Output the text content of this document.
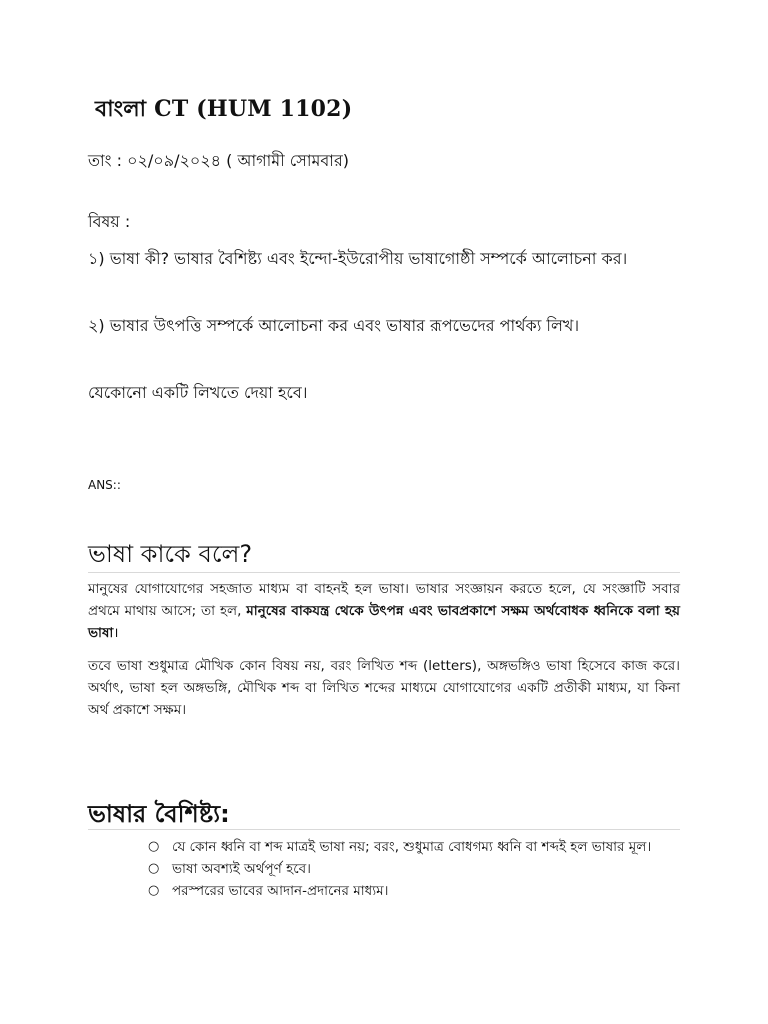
বাংলা CT (HUM 1102)
তাং : ০২/০৯/২০২৪ ( আগামী সোমবার)
বিষয় :
১) ভাষা কী? ভাষার বৈশিষ্ট্য এবং ইন্দো-ইউরোপীয় ভাষাগোষ্ঠী সম্পর্কে আলোচনা কর।
২) ভাষার উৎপত্তি সম্পর্কে আলোচনা কর এবং ভাষার রূপভেদের পার্থক্য লিখ।
যেকোনো একটি লিখতে দেয়া হবে।
ANS::
ভাষা কাকে বলে?
মানুষের যোগাযোগের সহজাত মাধ্যম বা বাহনই হল ভাষা। ভাষার সংজ্ঞায়ন করতে হলে, যে সংজ্ঞাটি সবার প্রথমে মাথায় আসে; তা হল, মানুষের বাকযন্ত্র থেকে উৎপন্ন এবং ভাবপ্রকাশে সক্ষম অর্থবোধক ধ্বনিকে বলা হয় ভাষা।
তবে ভাষা শুধুমাত্র মৌখিক কোন বিষয় নয়, বরং লিখিত শব্দ (letters), অঙ্গভঙ্গিও ভাষা হিসেবে কাজ করে। অর্থাৎ, ভাষা হল অঙ্গভঙ্গি, মৌখিক শব্দ বা লিখিত শব্দের মাধ্যমে যোগাযোগের একটি প্রতীকী মাধ্যম, যা কিনা অর্থ প্রকাশে সক্ষম।
ভাষার বৈশিষ্ট্য:
○ যে কোন ধ্বনি বা শব্দ মাত্রই ভাষা নয়; বরং, শুধুমাত্র বোধগম্য ধ্বনি বা শব্দই হল ভাষার মূল।
○ ভাষা অবশ্যই অর্থপূর্ণ হবে।
○ পরস্পরের ভাবের আদান-প্রদানের মাধ্যম।
